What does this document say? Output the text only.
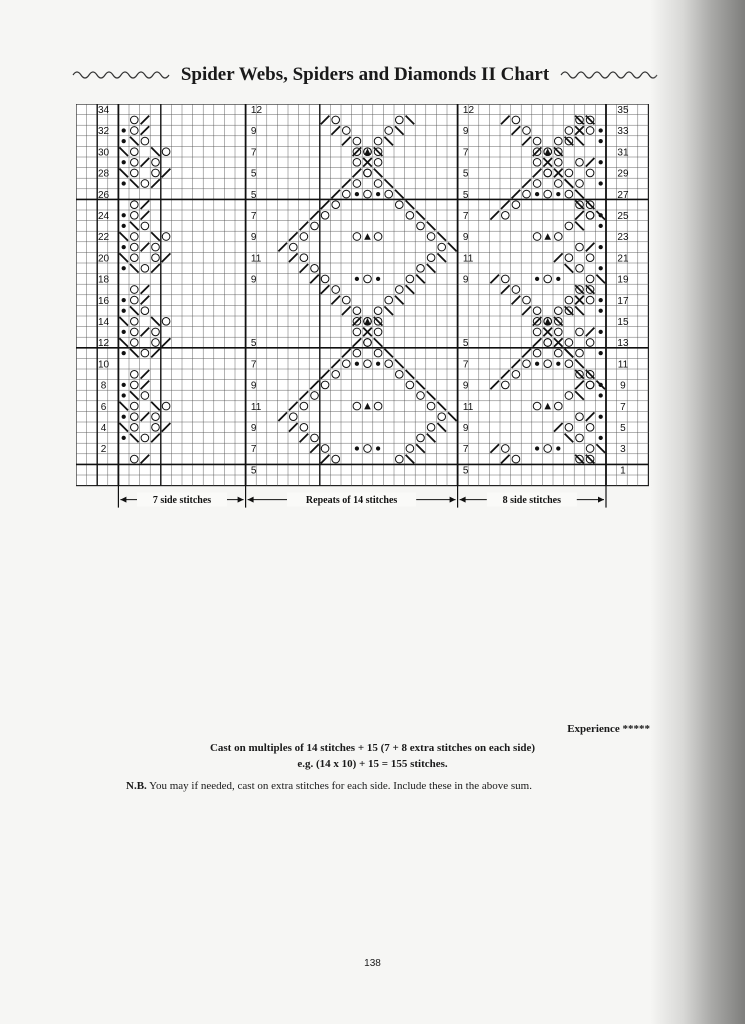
Spider Webs, Spiders and Diamonds II Chart
34
32
30
28
26
24
22
20
18
16
14
12
10
8
6
4
2
35
33
31
29
27
25
23
21
19
17
15
13
11
9
7
5
3
1
12	12
9	9
7	7
5	5
5	5
7	7
9	9
11	11
9	9
5	5
7	7
9	9
11	11
9	9
7	7
5	5
7 side stitches	Repeats of 14 stitches	8 side stitches
Experience *****
Cast on multiples of 14 stitches + 15 (7 + 8 extra stitches on each side)
e.g. (14 x 10) + 15 = 155 stitches.
N.B. You may if needed, cast on extra stitches for each side. Include these in the above sum.
138
